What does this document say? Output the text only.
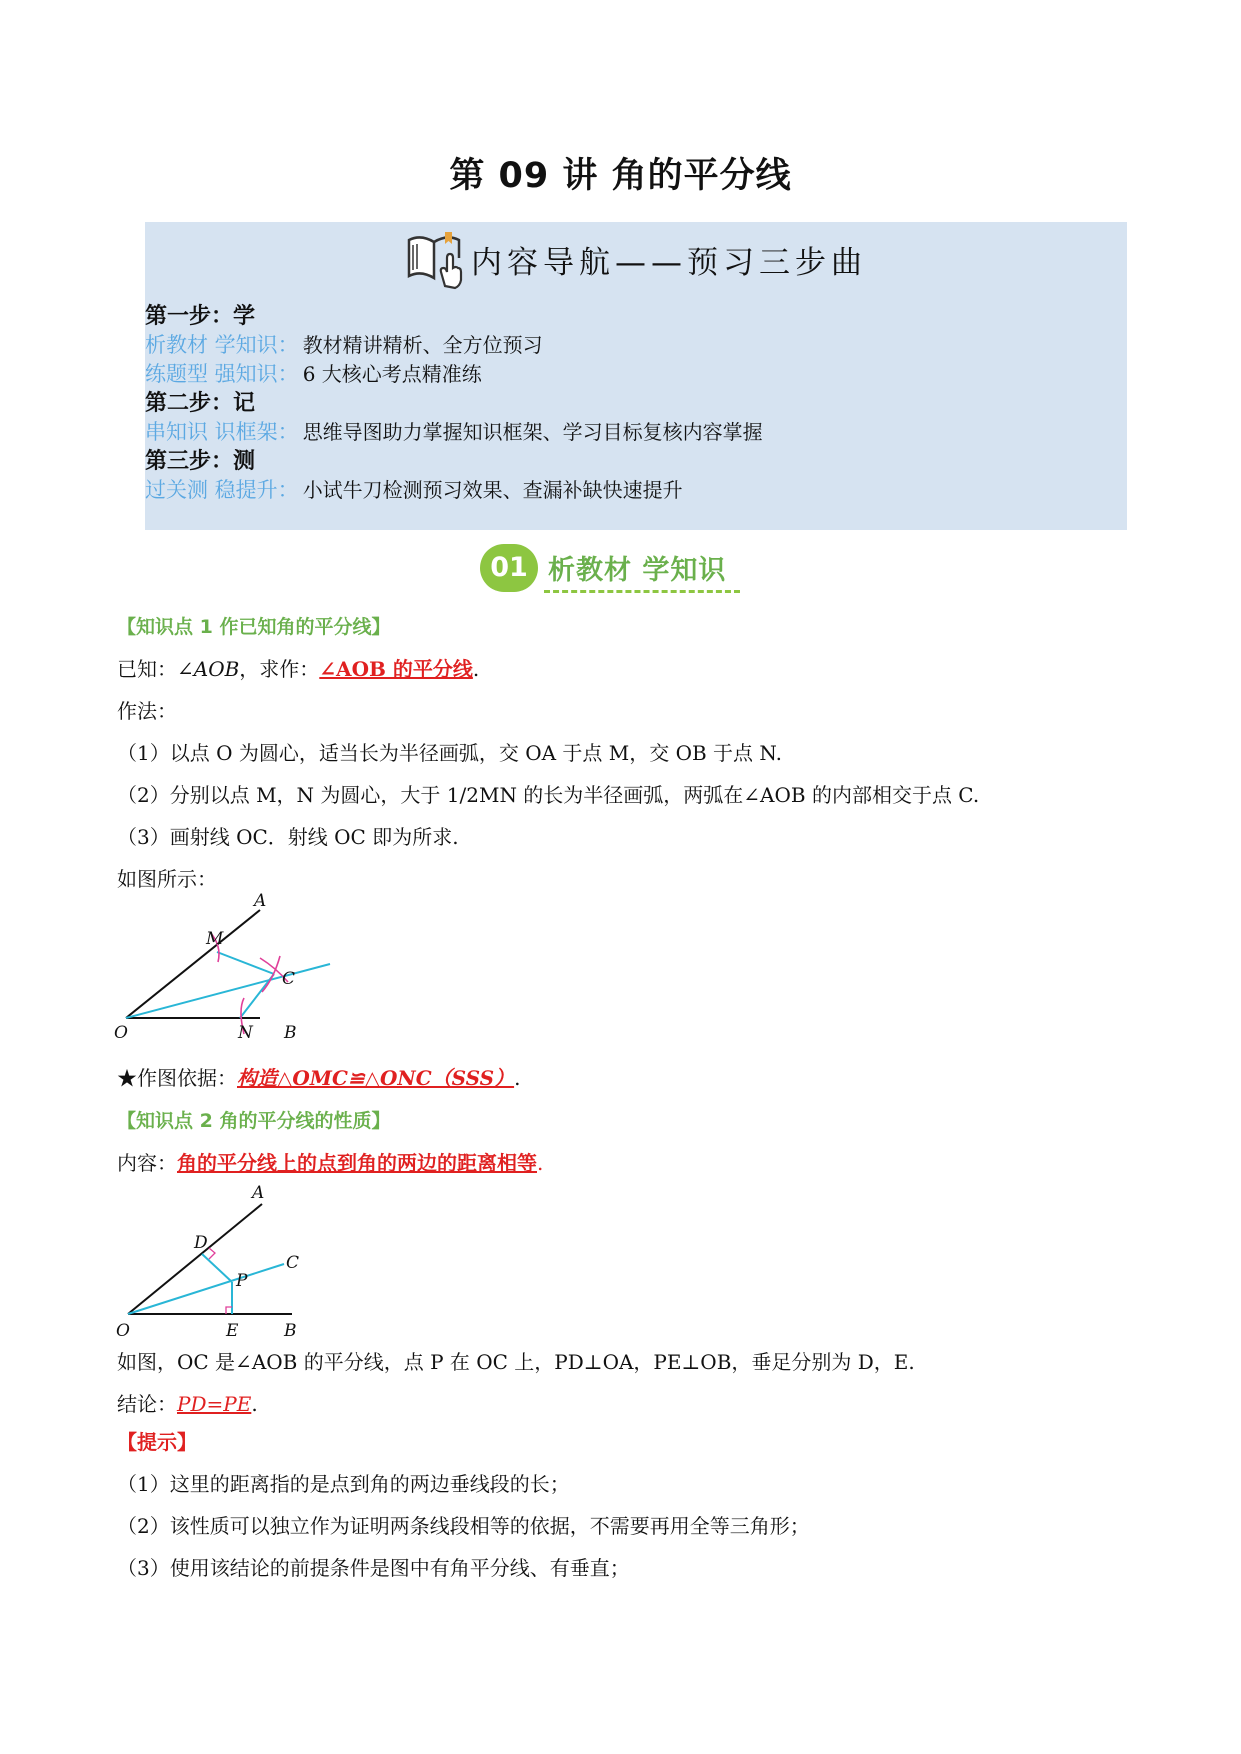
第 09 讲 角的平分线
内容导航——预习三步曲
第一步：学
析教材 学知识： 教材精讲精析、全方位预习
练题型 强知识： 6 大核心考点精准练
第二步：记
串知识 识框架： 思维导图助力掌握知识框架、学习目标复核内容掌握
第三步：测
过关测 稳提升： 小试牛刀检测预习效果、查漏补缺快速提升
01 析教材 学知识

【知识点 1 作已知角的平分线】

已知：∠AOB，求作：∠AOB 的平分线.

作法：

（1）以点 O 为圆心，适当长为半径画弧，交 OA 于点 M，交 OB 于点 N.

（2）分别以点 M，N 为圆心，大于 1/2MN 的长为半径画弧，两弧在∠AOB 的内部相交于点 C.

（3）画射线 OC．射线 OC 即为所求.

如图所示：

A
M
C
O	N B

★作图依据：构造△OMC≌△ONC（SSS）.

【知识点 2 角的平分线的性质】

内容：角的平分线上的点到角的两边的距离相等.

A
D
C
P
O	E	B

如图，OC 是∠AOB 的平分线，点 P 在 OC 上，PD⊥OA，PE⊥OB，垂足分别为 D，E.

结论：PD=PE.

【提示】

（1）这里的距离指的是点到角的两边垂线段的长；

（2）该性质可以独立作为证明两条线段相等的依据，不需要再用全等三角形；

（3）使用该结论的前提条件是图中有角平分线、有垂直；
